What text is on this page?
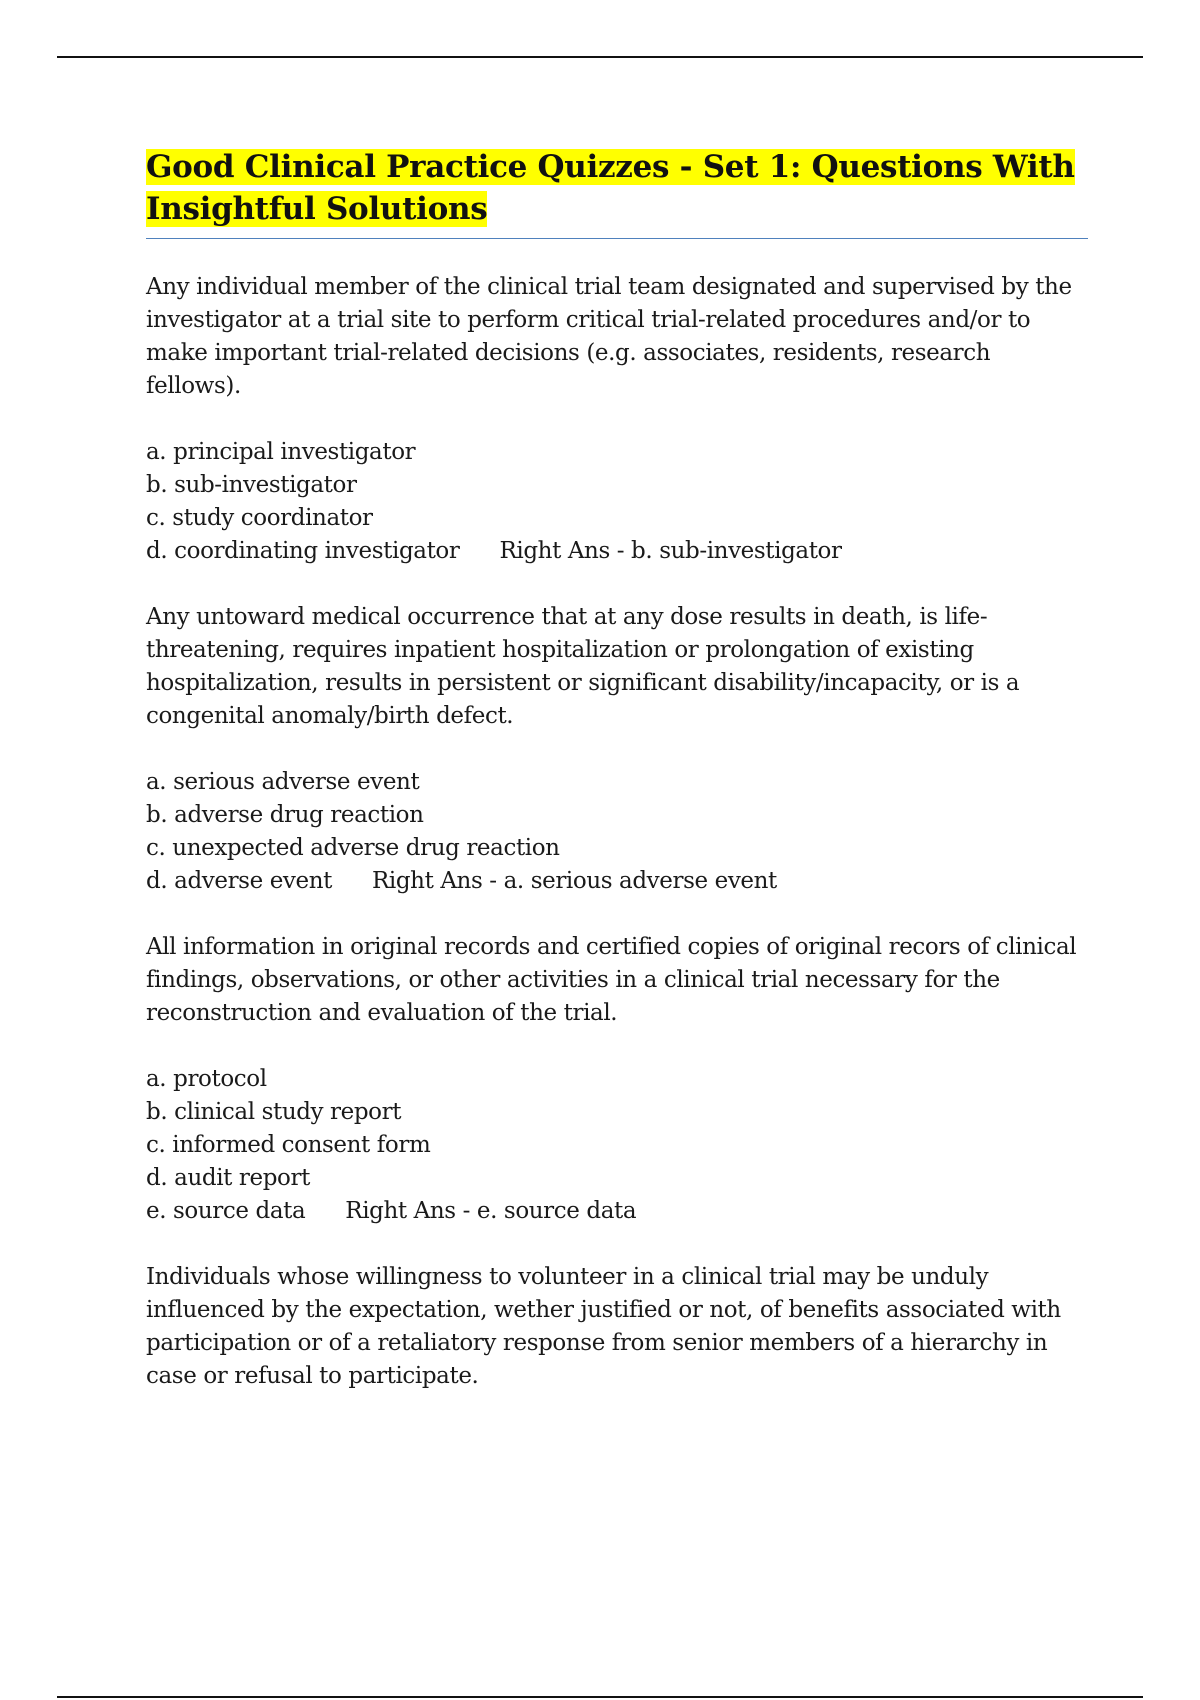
Good Clinical Practice Quizzes - Set 1: Questions With Insightful Solutions

Any individual member of the clinical trial team designated and supervised by the investigator at a trial site to perform critical trial-related procedures and/or to make important trial-related decisions (e.g. associates, residents, research fellows).

a. principal investigator
b. sub-investigator
c. study coordinator
d. coordinating investigator Right Ans - b. sub-investigator

Any untoward medical occurrence that at any dose results in death, is life-threatening, requires inpatient hospitalization or prolongation of existing hospitalization, results in persistent or significant disability/incapacity, or is a congenital anomaly/birth defect.

a. serious adverse event
b. adverse drug reaction
c. unexpected adverse drug reaction
d. adverse event Right Ans - a. serious adverse event

All information in original records and certified copies of original recors of clinical findings, observations, or other activities in a clinical trial necessary for the reconstruction and evaluation of the trial.

a. protocol
b. clinical study report
c. informed consent form
d. audit report
e. source data Right Ans - e. source data

Individuals whose willingness to volunteer in a clinical trial may be unduly influenced by the expectation, wether justified or not, of benefits associated with participation or of a retaliatory response from senior members of a hierarchy in case or refusal to participate.
